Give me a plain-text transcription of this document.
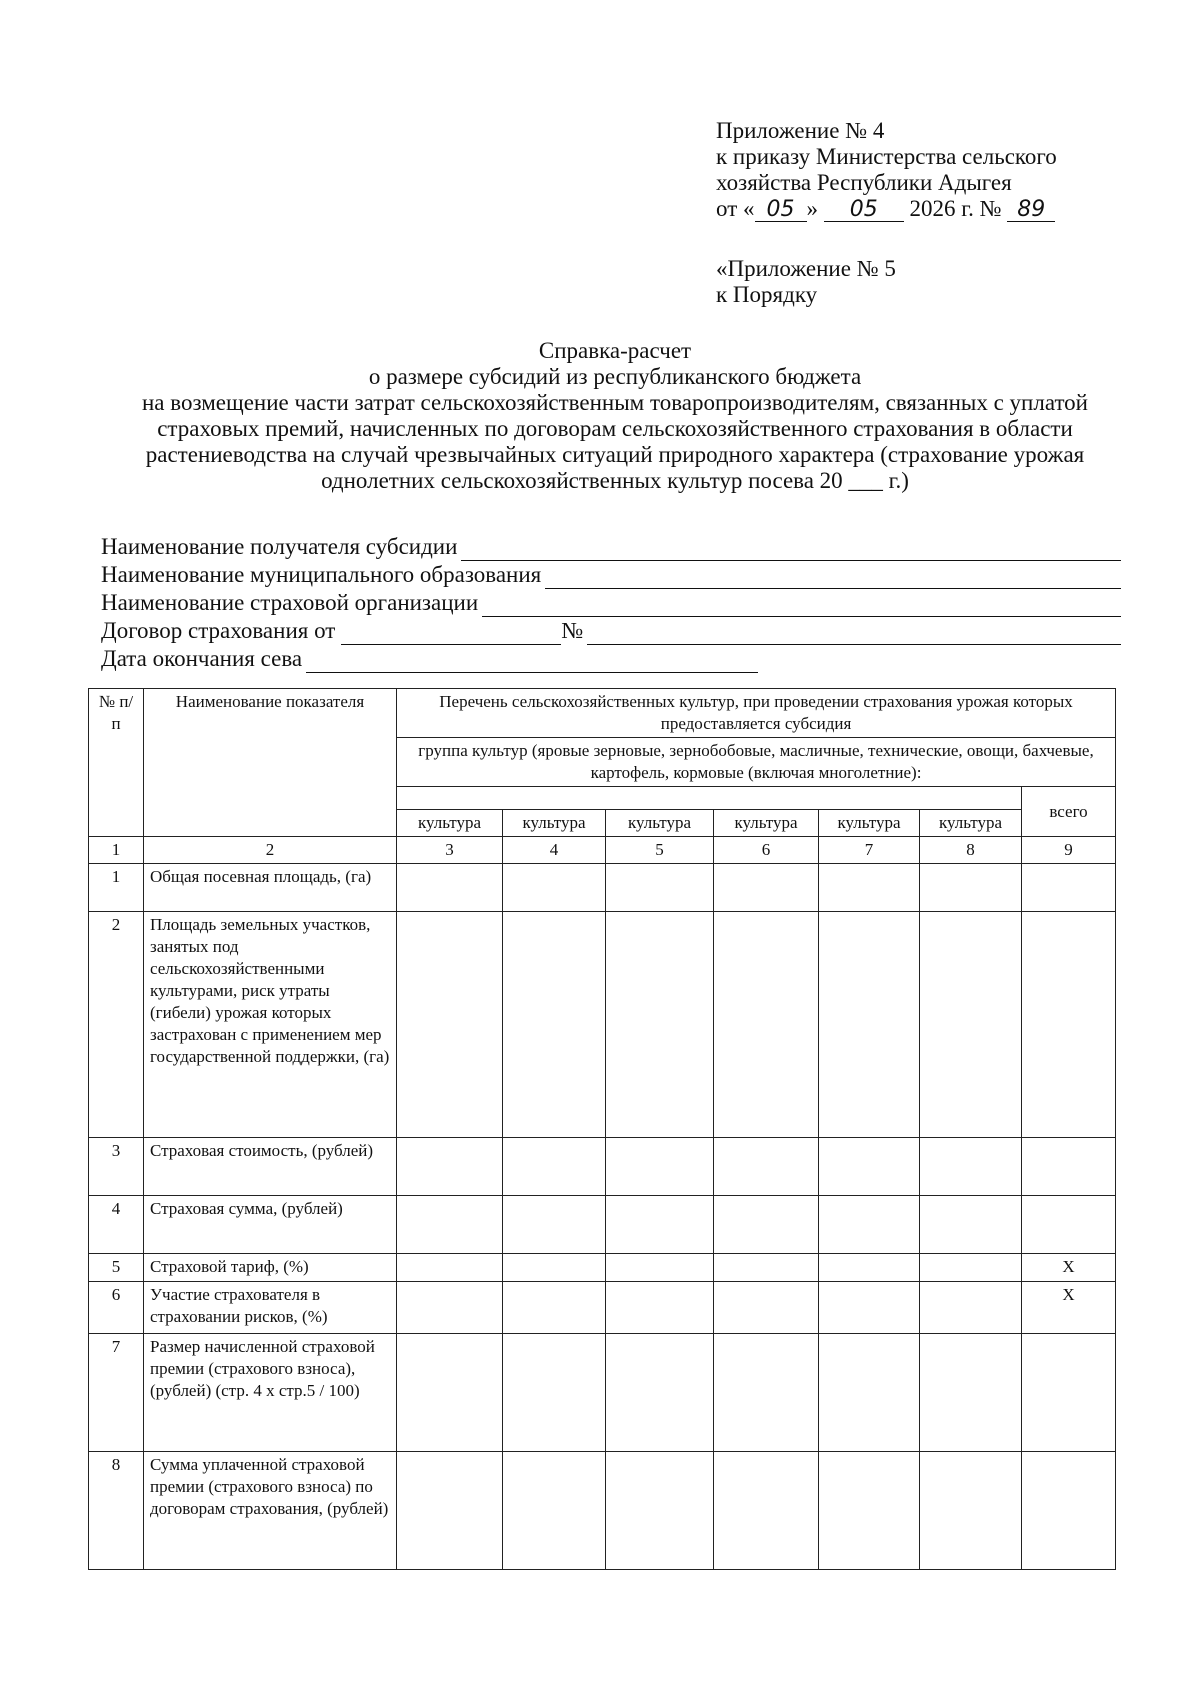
Приложение № 4
к приказу Министерства сельского
хозяйства Республики Адыгея
от « 05 » 05 2026 г. № 89
«Приложение № 5
к Порядку
Справка-расчет
о размере субсидий из республиканского бюджета
на возмещение части затрат сельскохозяйственным товаропроизводителям, связанных с уплатой
страховых премий, начисленных по договорам сельскохозяйственного страхования в области
растениеводства на случай чрезвычайных ситуаций природного характера (страхование урожая
однолетних сельскохозяйственных культур посева 20 ___ г.)
Наименование получателя субсидии
Наименование муниципального образования
Наименование страховой организации
Договор страхования от	№
Дата окончания сева
№ п/п	Наименование показателя	Перечень сельскохозяйственных культур, при проведении страхования урожая которых предоставляется субсидия						
		группа культур (яровые зерновые, зернобобовые, масличные, технические, овощи, бахчевые, картофель, кормовые (включая многолетние):						
								всего
		культура	культура	культура	культура	культура	культура	
1	2	3	4	5	6	7	8	9
1	Общая посевная площадь, (га)							
2	Площадь земельных участков, занятых под сельскохозяйственными культурами, риск утраты (гибели) урожая которых застрахован с применением мер государственной поддержки, (га)							
3	Страховая стоимость, (рублей)							
4	Страховая сумма, (рублей)							
5	Страховой тариф, (%)							X
6	Участие страхователя в страховании рисков, (%)							X
7	Размер начисленной страховой премии (страхового взноса), (рублей) (стр. 4 х стр.5 / 100)							
8	Сумма уплаченной страховой премии (страхового взноса) по договорам страхования, (рублей)							
